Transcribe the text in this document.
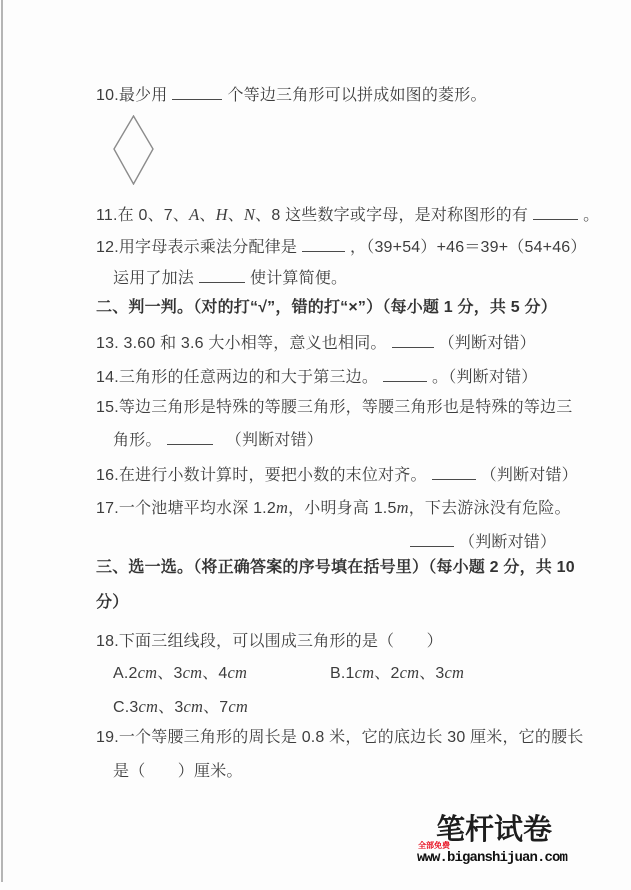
10.最少用	个等边三角形可以拼成如图的菱形。
11.在 0、7、A、H、N、8 这些数字或字母，是对称图形的有	。
12.用字母表示乘法分配律是	，（39+54）+46＝39+（54+46）
运用了加法	使计算简便。
二、判一判。（对的打“√”，错的打“×”）（每小题 1 分，共 5 分）
13. 3.60 和 3.6 大小相等，意义也相同。	（判断对错）
14.三角形的任意两边的和大于第三边。	。（判断对错）
15.等边三角形是特殊的等腰三角形，等腰三角形也是特殊的等边三
角形。	　（判断对错）
16.在进行小数计算时，要把小数的末位对齐。	（判断对错）
17.一个池塘平均水深 1.2m，小明身高 1.5m，下去游泳没有危险。
（判断对错）
三、选一选。（将正确答案的序号填在括号里）（每小题 2 分，共 10
分）
18.下面三组线段，可以围成三角形的是（　　）
A.2cm、3cm、4cm	B.1cm、2cm、3cm
C.3cm、3cm、7cm
19.一个等腰三角形的周长是 0.8 米，它的底边长 30 厘米，它的腰长
是（　　）厘米。
笔杆试卷
全部免费
www.biganshijuan.com
